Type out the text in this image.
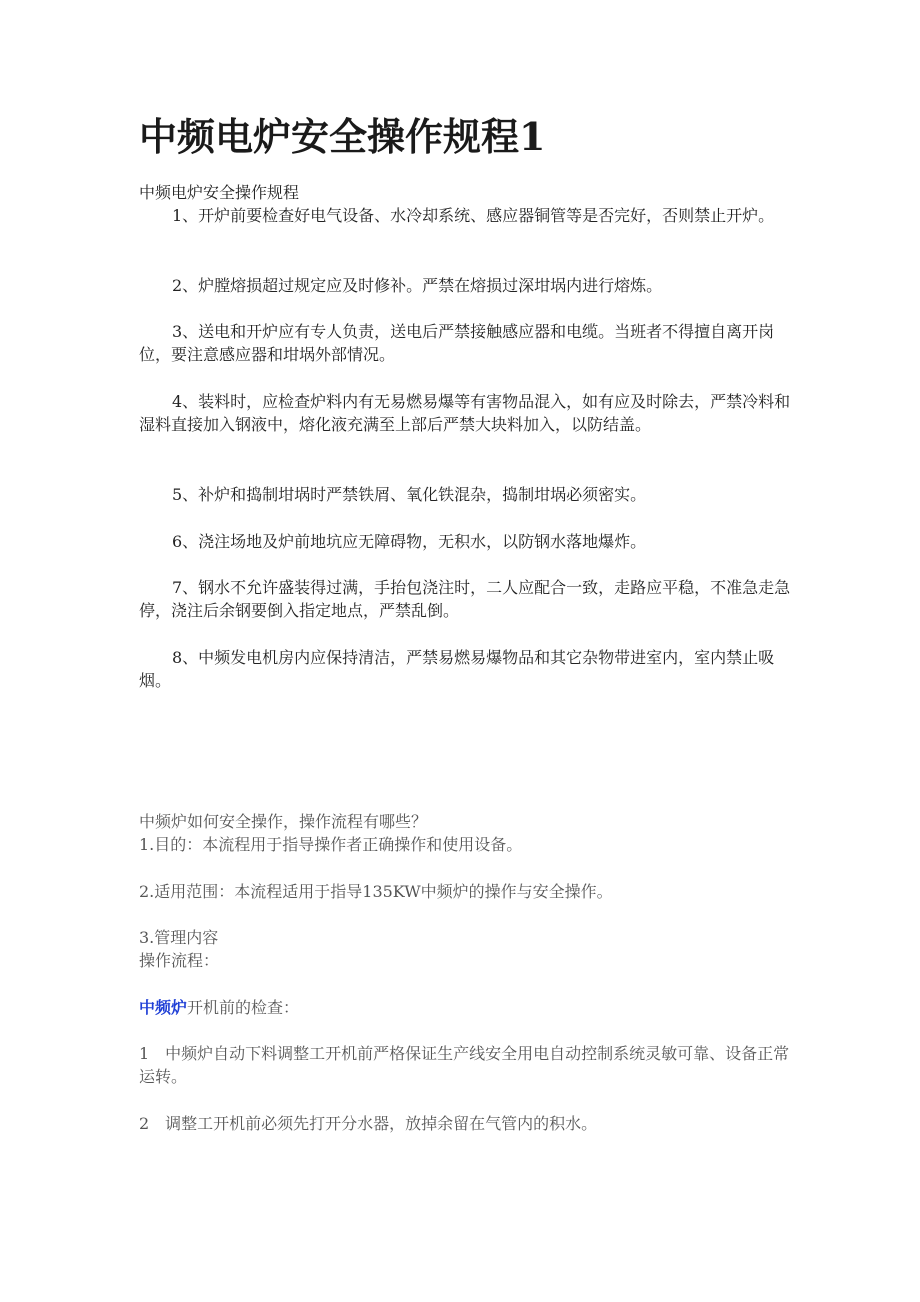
中频电炉安全操作规程1

中频电炉安全操作规程

1、开炉前要检查好电气设备、水冷却系统、感应器铜管等是否完好，否则禁止开炉。

2、炉膛熔损超过规定应及时修补。严禁在熔损过深坩埚内进行熔炼。

3、送电和开炉应有专人负责，送电后严禁接触感应器和电缆。当班者不得擅自离开岗位，要注意感应器和坩埚外部情况。

4、装料时，应检查炉料内有无易燃易爆等有害物品混入，如有应及时除去，严禁冷料和湿料直接加入钢液中，熔化液充满至上部后严禁大块料加入，以防结盖。

5、补炉和捣制坩埚时严禁铁屑、氧化铁混杂，捣制坩埚必须密实。

6、浇注场地及炉前地坑应无障碍物，无积水，以防钢水落地爆炸。

7、钢水不允许盛装得过满，手抬包浇注时，二人应配合一致，走路应平稳，不准急走急停，浇注后余钢要倒入指定地点，严禁乱倒。

8、中频发电机房内应保持清洁，严禁易燃易爆物品和其它杂物带进室内，室内禁止吸烟。

中频炉如何安全操作，操作流程有哪些？

1.目的：本流程用于指导操作者正确操作和使用设备。

2.适用范围：本流程适用于指导135KW中频炉的操作与安全操作。

3.管理内容

操作流程：

中频炉开机前的检查：

1　中频炉自动下料调整工开机前严格保证生产线安全用电自动控制系统灵敏可靠、设备正常运转。

2　调整工开机前必须先打开分水器，放掉余留在气管内的积水。
